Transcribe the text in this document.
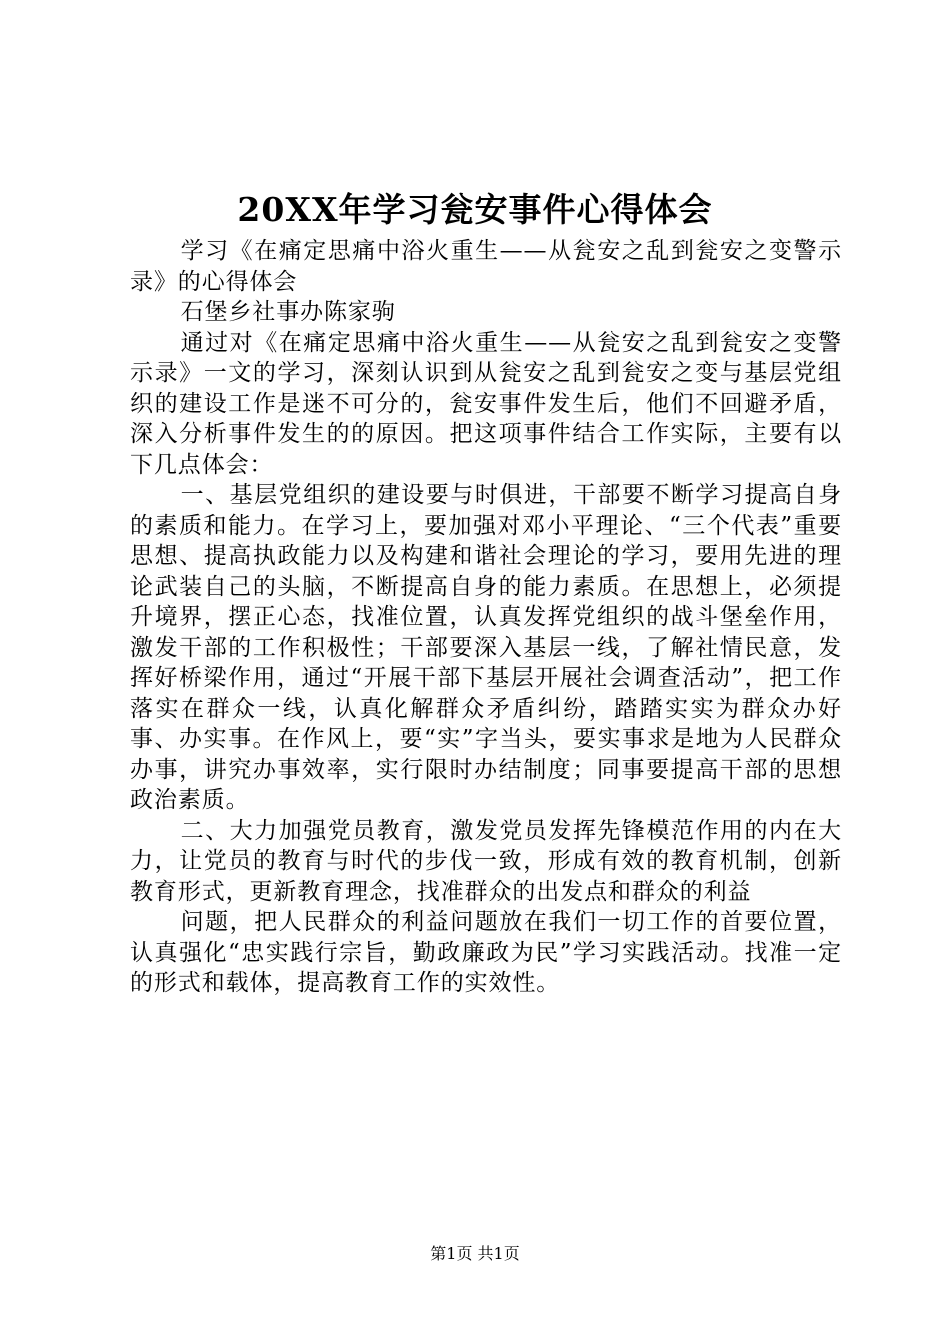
20XX年学习瓮安事件心得体会

学习《在痛定思痛中浴火重生——从瓮安之乱到瓮安之变警示录》的心得体会

石堡乡社事办陈家驹

通过对《在痛定思痛中浴火重生——从瓮安之乱到瓮安之变警示录》一文的学习，深刻认识到从瓮安之乱到瓮安之变与基层党组织的建设工作是迷不可分的，瓮安事件发生后，他们不回避矛盾，深入分析事件发生的的原因。把这项事件结合工作实际，主要有以下几点体会：

一、基层党组织的建设要与时俱进，干部要不断学习提高自身的素质和能力。在学习上，要加强对邓小平理论、“三个代表”重要思想、提高执政能力以及构建和谐社会理论的学习，要用先进的理论武装自己的头脑，不断提高自身的能力素质。在思想上，必须提升境界，摆正心态，找准位置，认真发挥党组织的战斗堡垒作用，激发干部的工作积极性；干部要深入基层一线，了解社情民意，发挥好桥梁作用，通过“开展干部下基层开展社会调查活动”，把工作落实在群众一线，认真化解群众矛盾纠纷，踏踏实实为群众办好事、办实事。在作风上，要“实”字当头，要实事求是地为人民群众办事，讲究办事效率，实行限时办结制度；同事要提高干部的思想政治素质。

二、大力加强党员教育，激发党员发挥先锋模范作用的内在大力，让党员的教育与时代的步伐一致，形成有效的教育机制，创新教育形式，更新教育理念，找准群众的出发点和群众的利益

问题，把人民群众的利益问题放在我们一切工作的首要位置，认真强化“忠实践行宗旨，勤政廉政为民”学习实践活动。找准一定的形式和载体，提高教育工作的实效性。

第1页 共1页
